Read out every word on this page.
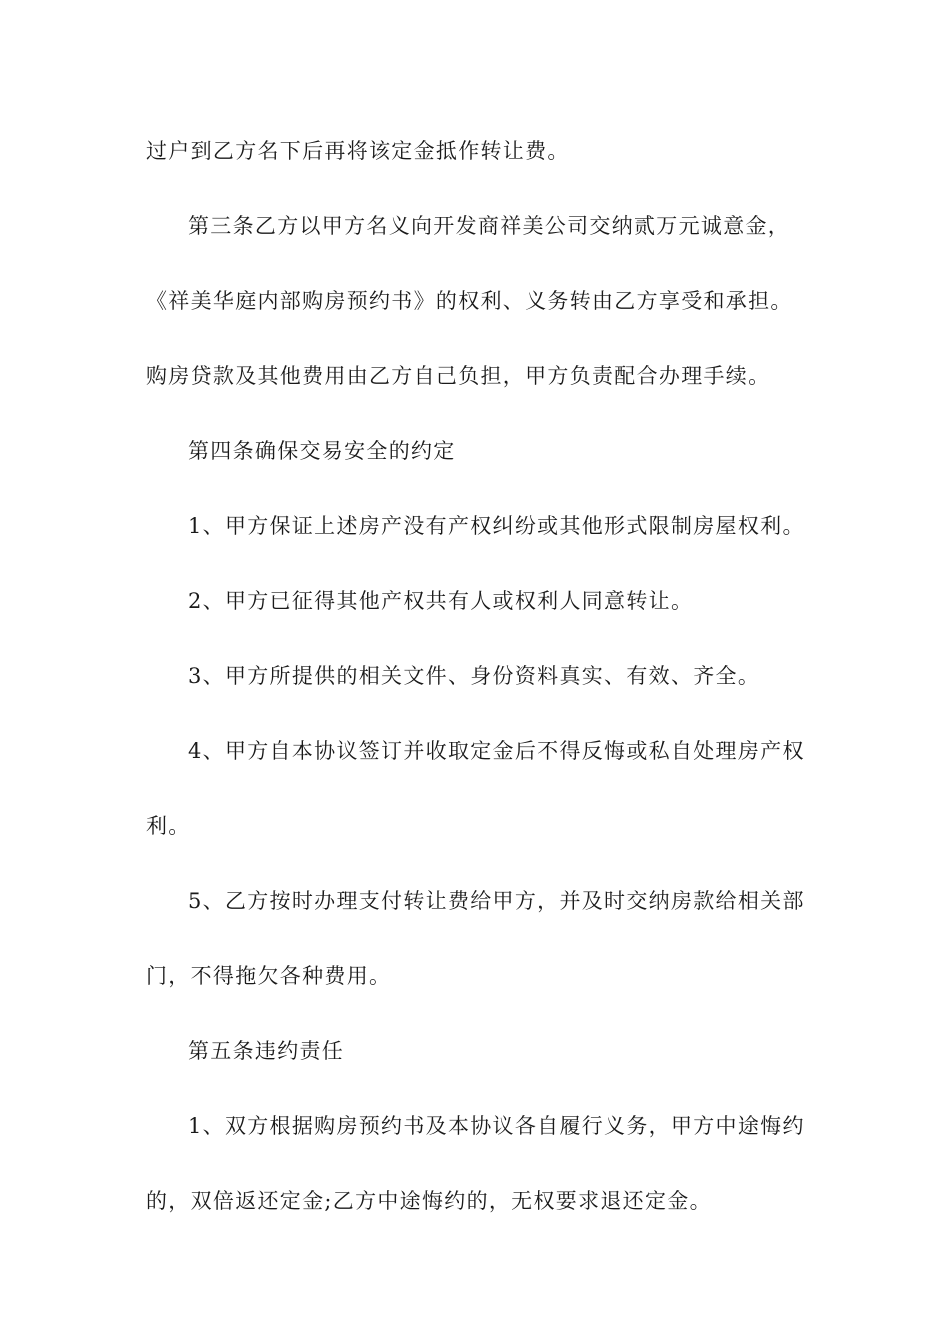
过户到乙方名下后再将该定金抵作转让费。

第三条乙方以甲方名义向开发商祥美公司交纳贰万元诚意金，

《祥美华庭内部购房预约书》的权利、义务转由乙方享受和承担。

购房贷款及其他费用由乙方自己负担，甲方负责配合办理手续。

第四条确保交易安全的约定

1、甲方保证上述房产没有产权纠纷或其他形式限制房屋权利。

2、甲方已征得其他产权共有人或权利人同意转让。

3、甲方所提供的相关文件、身份资料真实、有效、齐全。

4、甲方自本协议签订并收取定金后不得反悔或私自处理房产权

利。

5、乙方按时办理支付转让费给甲方，并及时交纳房款给相关部

门，不得拖欠各种费用。

第五条违约责任

1、双方根据购房预约书及本协议各自履行义务，甲方中途悔约

的，双倍返还定金;乙方中途悔约的，无权要求退还定金。
